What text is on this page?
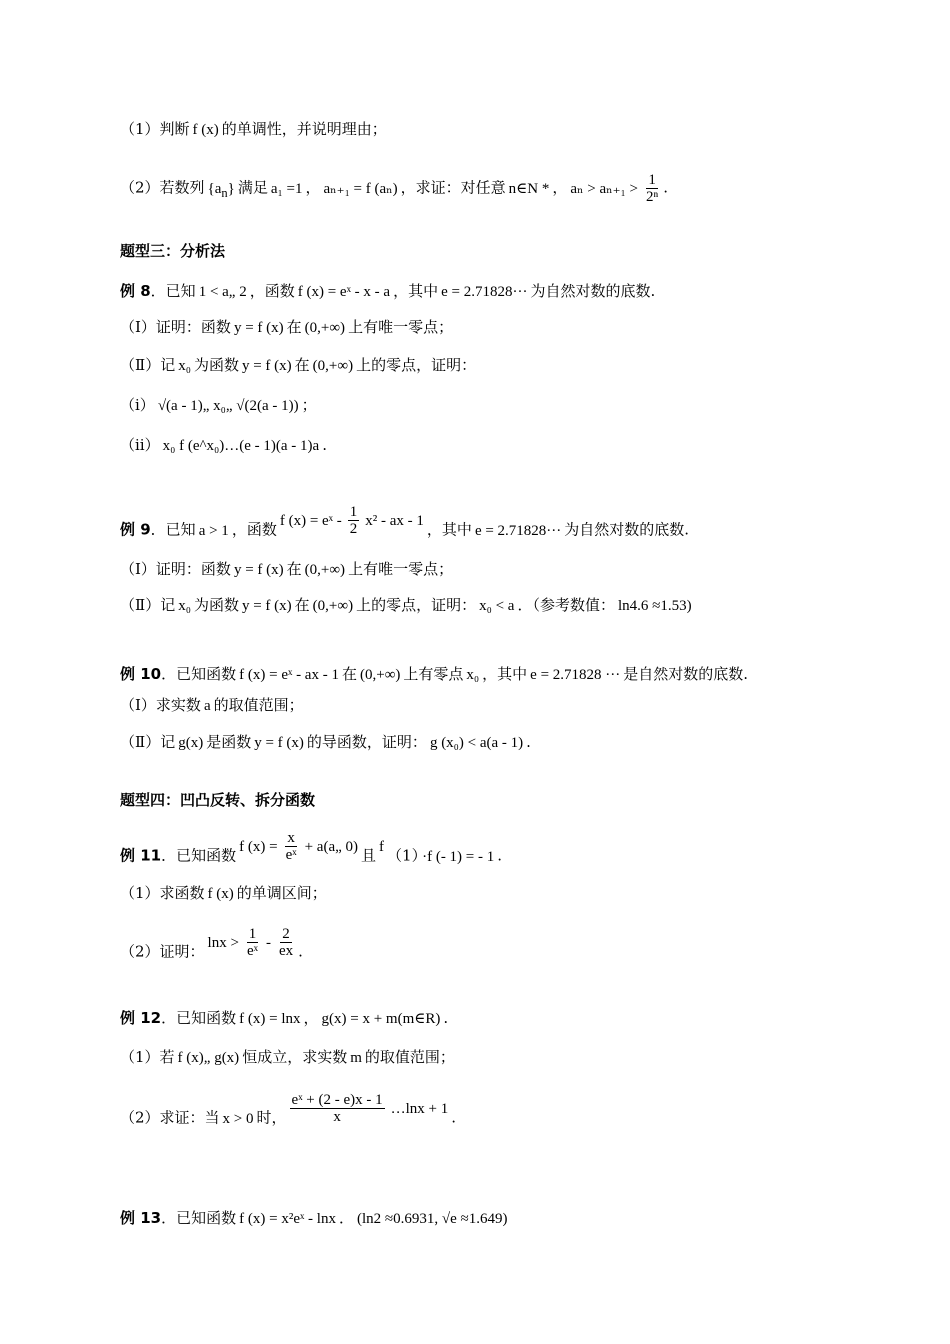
（1）判断 f (x) 的单调性，并说明理由；
（2）若数列 $\{a_n\}$ 满足 a₁ =1 ， aₙ₊₁ = f (aₙ) ，求证：对任意 n∈N * ， $a_n > a_{n+1} > \frac{1}{\text{2ⁿ}}$ .
题型三：分析法
例 8．已知 1 < a„ 2 ，函数 f (x) = eˣ - x - a ，其中 e = 2.71828··· 为自然对数的底数.
（Ⅰ）证明：函数 y = f (x) 在 (0,+∞) 上有唯一零点；
（Ⅱ）记 x₀ 为函数 y = f (x) 在 (0,+∞) 上的零点，证明：
（ⅰ） √(a - 1)„ x₀„ √(2(a - 1)) ；
（ⅱ） x₀ f (e^x₀)…(e - 1)(a - 1)a .
例 9．已知 a > 1 ，函数 f (x) = eˣ - $\frac{1}{2} x^2$ - ax - 1 ，其中 e = 2.71828··· 为自然对数的底数.
（Ⅰ）证明：函数 y = f (x) 在 (0,+∞) 上有唯一零点；
（Ⅱ）记 x₀ 为函数 y = f (x) 在 (0,+∞) 上的零点，证明： x₀ < a ．（参考数值： ln4.6 ≈1.53)
例 10．已知函数 f (x) = eˣ - ax - 1 在 (0,+∞) 上有零点 x₀ ，其中 e = 2.71828 ··· 是自然对数的底数.
（Ⅰ）求实数 a 的取值范围；
（Ⅱ）记 g(x) 是函数 y = f (x) 的导函数，证明： g (x₀) < a(a - 1) .
题型四：凹凸反转、拆分函数
例 11．已知函数 f $(x) = \frac{x}{\text{eˣ}}$ + a(a„ 0) 且 f （1） ·f (- 1) = - 1 .
（1）求函数 f (x) 的单调区间；
（2）证明： $\ln x > \frac{1}{\text{eˣ}} - \frac{2}{ex}$ .
例 12．已知函数 f (x) = lnx ， g(x) = x + m(m∈R) .
（1）若 f (x)„ g(x) 恒成立，求实数 m 的取值范围；
（2）求证：当 x > 0 时， $\frac{\text{eˣ + (2 - e)x - 1}}{x}$ …lnx + 1 .
例 13．已知函数 f (x) = x²eˣ - lnx ． (ln2 ≈0.6931, √e ≈1.649)
